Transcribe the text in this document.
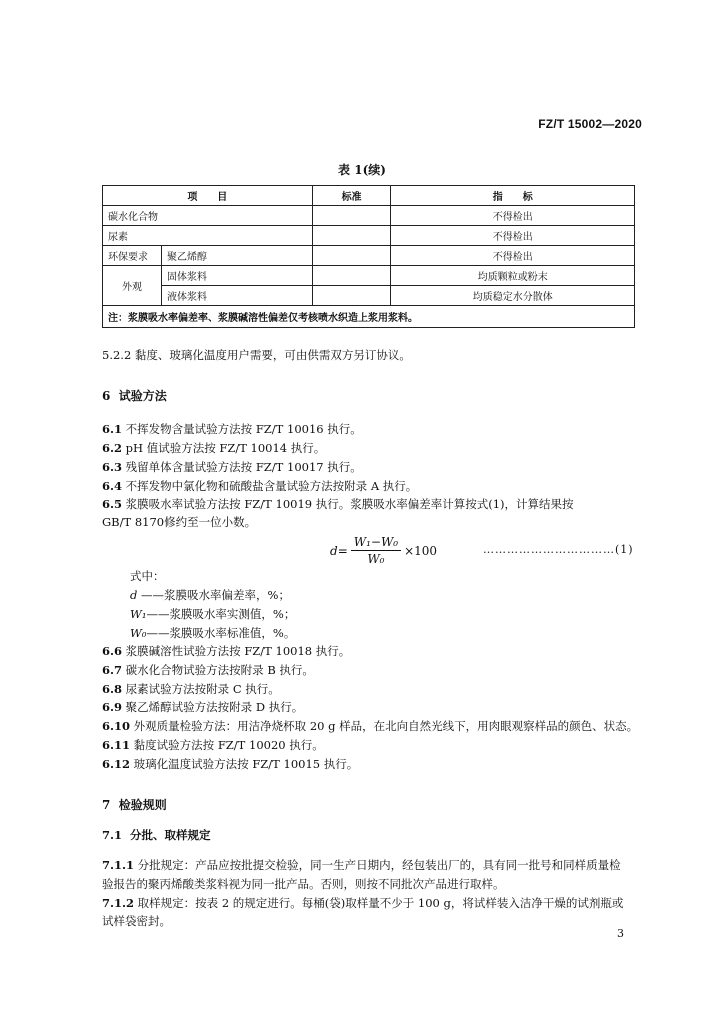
FZ/T 15002—2020
表 1(续)
项　　目		标准	指　　标
碳水化合物			不得检出
尿素			不得检出
环保要求	聚乙烯醇		不得检出
外观	固体浆料		均质颗粒或粉末
	液体浆料		均质稳定水分散体
注：浆膜吸水率偏差率、浆膜碱溶性偏差仅考核喷水织造上浆用浆料。			
5.2.2 黏度、玻璃化温度用户需要，可由供需双方另订协议。
6 试验方法
6.1 不挥发物含量试验方法按 FZ/T 10016 执行。
6.2 pH 值试验方法按 FZ/T 10014 执行。
6.3 残留单体含量试验方法按 FZ/T 10017 执行。
6.4 不挥发物中氯化物和硫酸盐含量试验方法按附录 A 执行。
6.5 浆膜吸水率试验方法按 FZ/T 10019 执行。浆膜吸水率偏差率计算按式(1)，计算结果按
GB/T 8170修约至一位小数。
$d = \frac{\text{W₁−W₀}}{\text{W₀}} \times 100$	……………………………(1)
式中：
d ——浆膜吸水率偏差率，%；
W₁——浆膜吸水率实测值，%；
W₀——浆膜吸水率标准值，%。
6.6 浆膜碱溶性试验方法按 FZ/T 10018 执行。
6.7 碳水化合物试验方法按附录 B 执行。
6.8 尿素试验方法按附录 C 执行。
6.9 聚乙烯醇试验方法按附录 D 执行。
6.10 外观质量检验方法：用洁净烧杯取 20 g 样品，在北向自然光线下，用肉眼观察样品的颜色、状态。
6.11 黏度试验方法按 FZ/T 10020 执行。
6.12 玻璃化温度试验方法按 FZ/T 10015 执行。
7 检验规则
7.1 分批、取样规定
7.1.1 分批规定：产品应按批提交检验，同一生产日期内，经包装出厂的，具有同一批号和同样质量检
验报告的聚丙烯酸类浆料视为同一批产品。否则，则按不同批次产品进行取样。
7.1.2 取样规定：按表 2 的规定进行。每桶(袋)取样量不少于 100 g，将试样装入洁净干燥的试剂瓶或
试样袋密封。
3
